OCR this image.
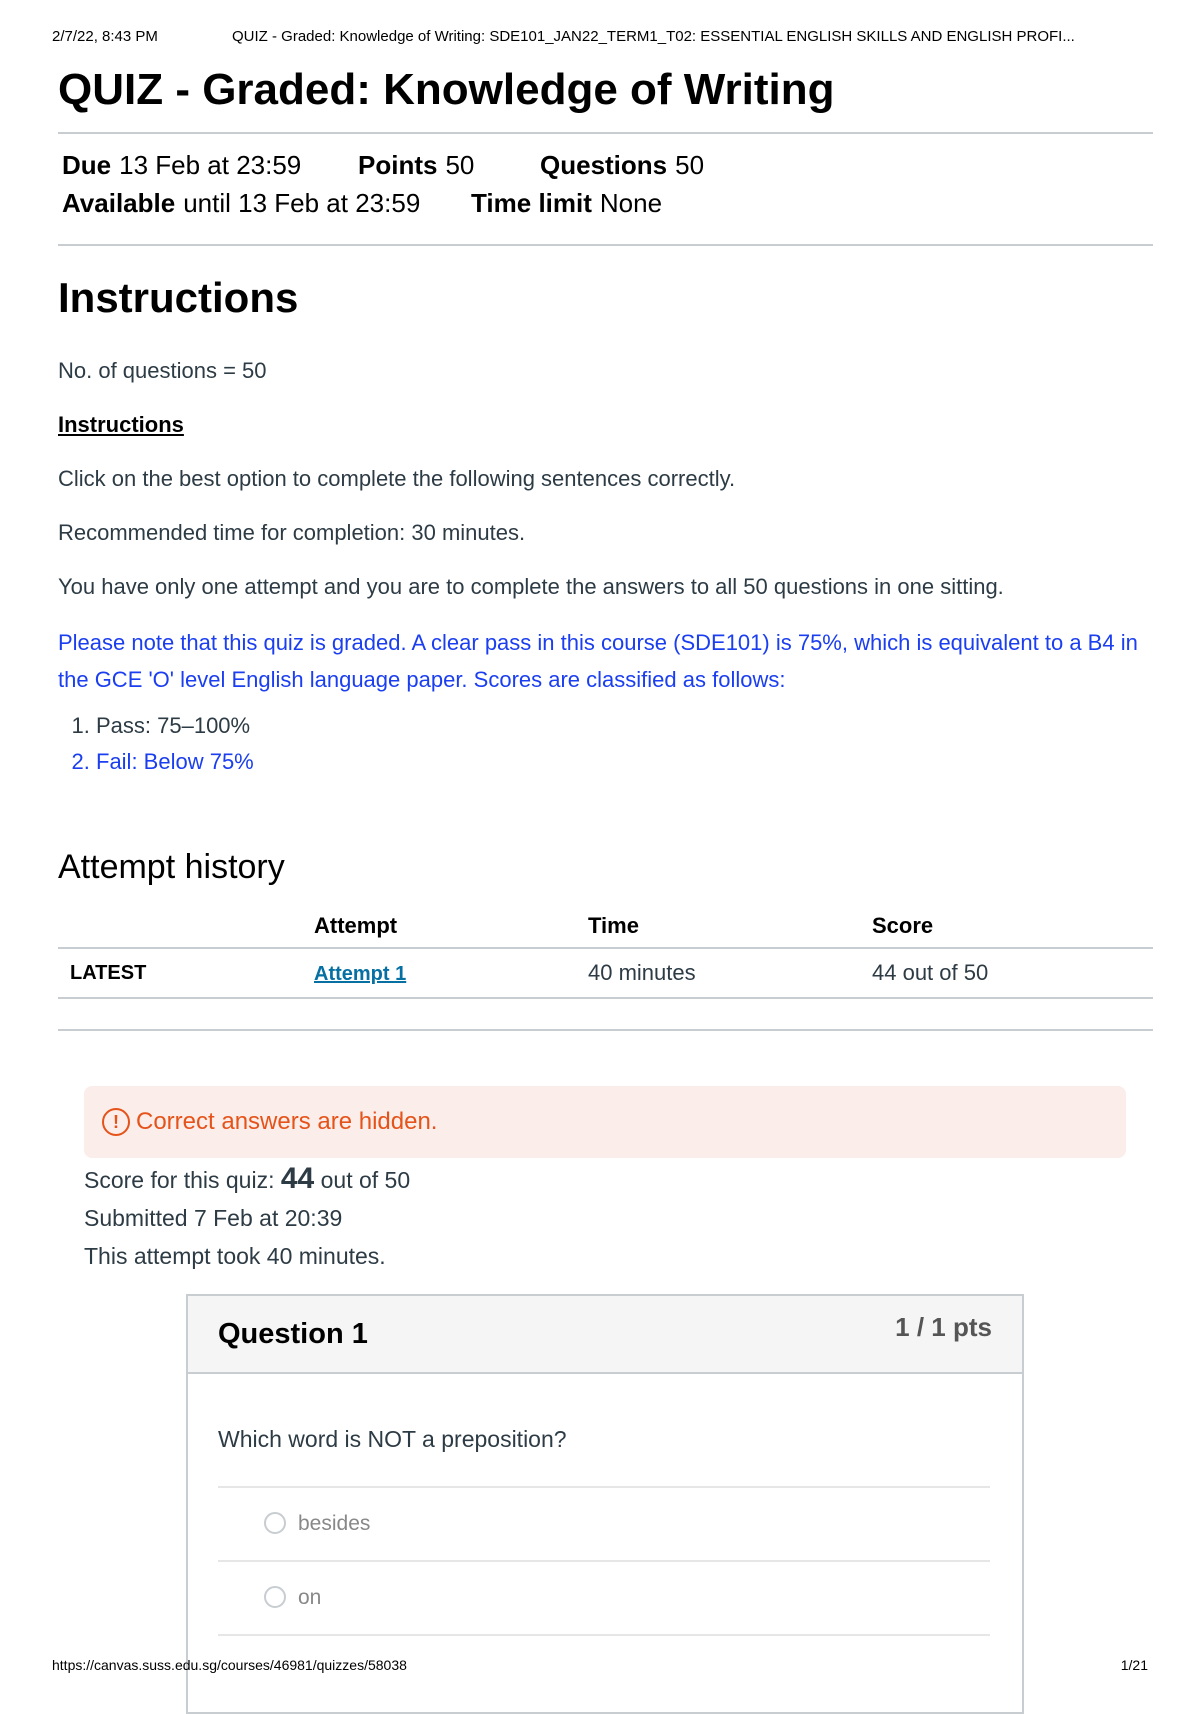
2/7/22, 8:43 PM	QUIZ - Graded: Knowledge of Writing: SDE101_JAN22_TERM1_T02: ESSENTIAL ENGLISH SKILLS AND ENGLISH PROFI...
QUIZ - Graded: Knowledge of Writing
Due 13 Feb at 23:59 Points 50	Questions 50
Available until 13 Feb at 23:59 Time limit None
Instructions

No. of questions = 50

Instructions

Click on the best option to complete the following sentences correctly.

Recommended time for completion: 30 minutes.

You have only one attempt and you are to complete the answers to all 50 questions in one sitting.

Please note that this quiz is graded. A clear pass in this course (SDE101) is 75%, which is equivalent to a B4 in the GCE 'O' level English language paper. Scores are classified as follows:

1. Pass: 75–100%
2. Fail: Below 75%
Attempt history
	Attempt	Time	Score
LATEST	Attempt 1	40 minutes	44 out of 50
! Correct answers are hidden.
Score for this quiz: 44 out of 50
Submitted 7 Feb at 20:39
This attempt took 40 minutes.
Question 1	1 / 1 pts
Which word is NOT a preposition?
besides
on
https://canvas.suss.edu.sg/courses/46981/quizzes/58038	1/21
